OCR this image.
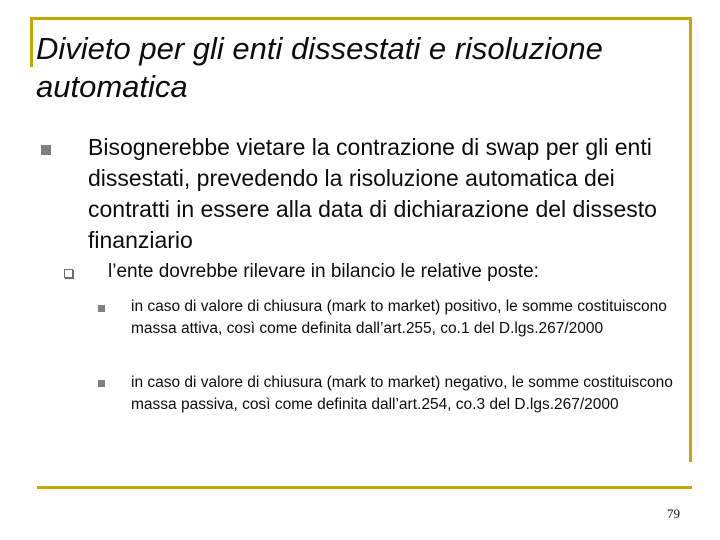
Divieto per gli enti dissestati e risoluzione automatica
Bisognerebbe vietare la contrazione di swap per gli enti dissestati, prevedendo la risoluzione automatica dei contratti in essere alla data di dichiarazione del dissesto finanziario
l’ente dovrebbe rilevare in bilancio le relative poste:
in caso di valore di chiusura (mark to market) positivo, le somme costituiscono massa attiva, così come definita dall’art.255, co.1 del D.lgs.267/2000
in caso di valore di chiusura (mark to market) negativo, le somme costituiscono massa passiva, così come definita dall’art.254, co.3 del D.lgs.267/2000
79
